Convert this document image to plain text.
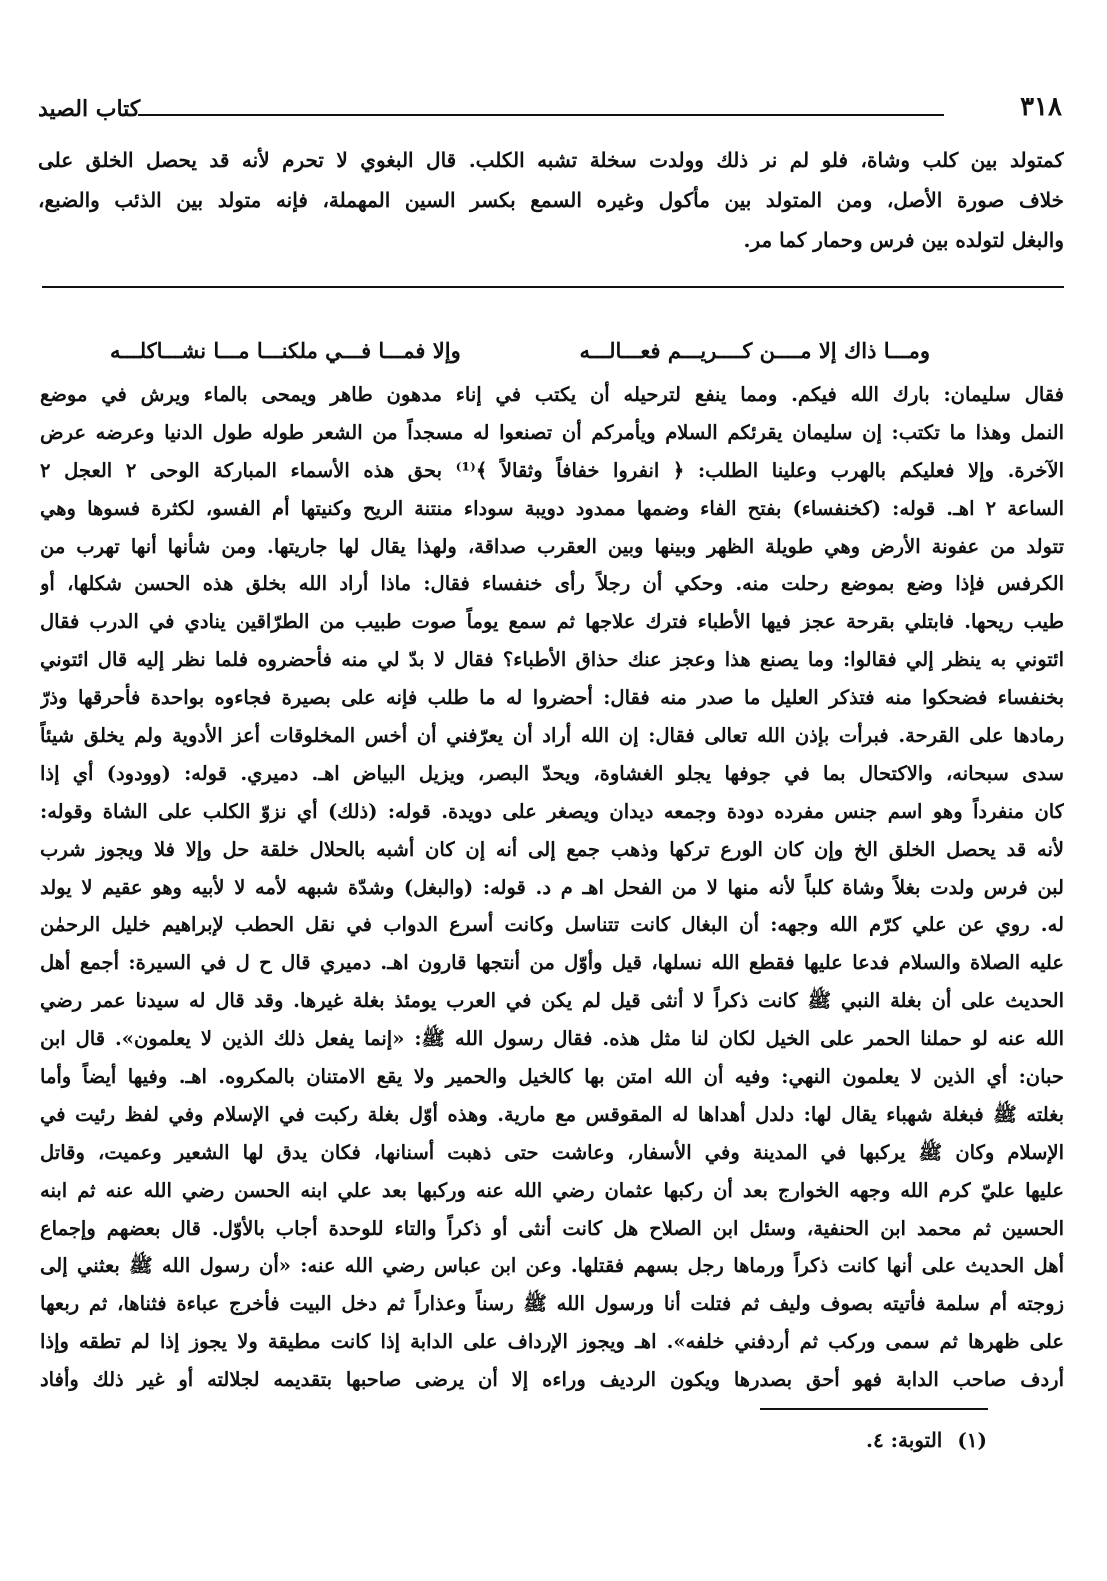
كتاب الصيد	٣١٨
كمتولد بين كلب وشاة، فلو لم نر ذلك وولدت سخلة تشبه الكلب. قال البغوي لا تحرم لأنه قد يحصل الخلق على
خلاف صورة الأصل، ومن المتولد بين مأكول وغيره السمع بكسر السين المهملة، فإنه متولد بين الذئب والضبع،
والبغل لتولده بين فرس وحمار كما مر.
ومـــا ذاك إلا مــــن كــــريـــم فعـــالـــه
وإلا فمـــا فـــي ملكنـــا مـــا نشـــاكلـــه
فقال سليمان: بارك الله فيكم. ومما ينفع لترحيله أن يكتب في إناء مدهون طاهر ويمحى بالماء ويرش في موضع
النمل وهذا ما تكتب: إن سليمان يقرئكم السلام ويأمركم أن تصنعوا له مسجداً من الشعر طوله طول الدنيا وعرضه عرض
الآخرة. وإلا فعليكم بالهرب وعلينا الطلب: ﴿ انفروا خفافاً وثقالاً ﴾⁽¹⁾ بحق هذه الأسماء المباركة الوحى ٢ العجل ٢
الساعة ٢ اهـ. قوله: (كخنفساء) بفتح الفاء وضمها ممدود دويبة سوداء منتنة الريح وكنيتها أم الفسو، لكثرة فسوها وهي
تتولد من عفونة الأرض وهي طويلة الظهر وبينها وبين العقرب صداقة، ولهذا يقال لها جاريتها. ومن شأنها أنها تهرب من
الكرفس فإذا وضع بموضع رحلت منه. وحكي أن رجلاً رأى خنفساء فقال: ماذا أراد الله بخلق هذه الحسن شكلها، أو
طيب ريحها. فابتلي بقرحة عجز فيها الأطباء فترك علاجها ثم سمع يوماً صوت طبيب من الطرّاقين ينادي في الدرب فقال
ائتوني به ينظر إلي فقالوا: وما يصنع هذا وعجز عنك حذاق الأطباء؟ فقال لا بدّ لي منه فأحضروه فلما نظر إليه قال ائتوني
بخنفساء فضحكوا منه فتذكر العليل ما صدر منه فقال: أحضروا له ما طلب فإنه على بصيرة فجاءوه بواحدة فأحرقها وذرّ
رمادها على القرحة. فبرأت بإذن الله تعالى فقال: إن الله أراد أن يعرّفني أن أخس المخلوقات أعز الأدوية ولم يخلق شيئاً
سدى سبحانه، والاكتحال بما في جوفها يجلو الغشاوة، ويحدّ البصر، ويزيل البياض اهـ. دميري. قوله: (وودود) أي إذا
كان منفرداً وهو اسم جنس مفرده دودة وجمعه ديدان ويصغر على دويدة. قوله: (ذلك) أي نزوّ الكلب على الشاة وقوله:
لأنه قد يحصل الخلق الخ وإن كان الورع تركها وذهب جمع إلى أنه إن كان أشبه بالحلال خلقة حل وإلا فلا ويجوز شرب
لبن فرس ولدت بغلاً وشاة كلباً لأنه منها لا من الفحل اهـ م د. قوله: (والبغل) وشدّة شبهه لأمه لا لأبيه وهو عقيم لا يولد
له. روي عن علي كرّم الله وجهه: أن البغال كانت تتناسل وكانت أسرع الدواب في نقل الحطب لإبراهيم خليل الرحمٰن
عليه الصلاة والسلام فدعا عليها فقطع الله نسلها، قيل وأوّل من أنتجها قارون اهـ. دميري قال ح ل في السيرة: أجمع أهل
الحديث على أن بغلة النبي ﷺ كانت ذكراً لا أنثى قيل لم يكن في العرب يومئذ بغلة غيرها. وقد قال له سيدنا عمر رضي
الله عنه لو حملنا الحمر على الخيل لكان لنا مثل هذه. فقال رسول الله ﷺ: «إنما يفعل ذلك الذين لا يعلمون». قال ابن
حبان: أي الذين لا يعلمون النهي: وفيه أن الله امتن بها كالخيل والحمير ولا يقع الامتنان بالمكروه. اهـ. وفيها أيضاً وأما
بغلته ﷺ فبغلة شهباء يقال لها: دلدل أهداها له المقوقس مع مارية. وهذه أوّل بغلة ركبت في الإسلام وفي لفظ رئيت في
الإسلام وكان ﷺ يركبها في المدينة وفي الأسفار، وعاشت حتى ذهبت أسنانها، فكان يدق لها الشعير وعميت، وقاتل
عليها عليّ كرم الله وجهه الخوارج بعد أن ركبها عثمان رضي الله عنه وركبها بعد علي ابنه الحسن رضي الله عنه ثم ابنه
الحسين ثم محمد ابن الحنفية، وسئل ابن الصلاح هل كانت أنثى أو ذكراً والتاء للوحدة أجاب بالأوّل. قال بعضهم وإجماع
أهل الحديث على أنها كانت ذكراً ورماها رجل بسهم فقتلها. وعن ابن عباس رضي الله عنه: «أن رسول الله ﷺ بعثني إلى
زوجته أم سلمة فأتيته بصوف وليف ثم فتلت أنا ورسول الله ﷺ رسناً وعذاراً ثم دخل البيت فأخرج عباءة فثناها، ثم ربعها
على ظهرها ثم سمى وركب ثم أردفني خلفه». اهـ ويجوز الإرداف على الدابة إذا كانت مطيقة ولا يجوز إذا لم تطقه وإذا
أردف صاحب الدابة فهو أحق بصدرها ويكون الرديف وراءه إلا أن يرضى صاحبها بتقديمه لجلالته أو غير ذلك وأفاد
(١) التوبة: ٤.
